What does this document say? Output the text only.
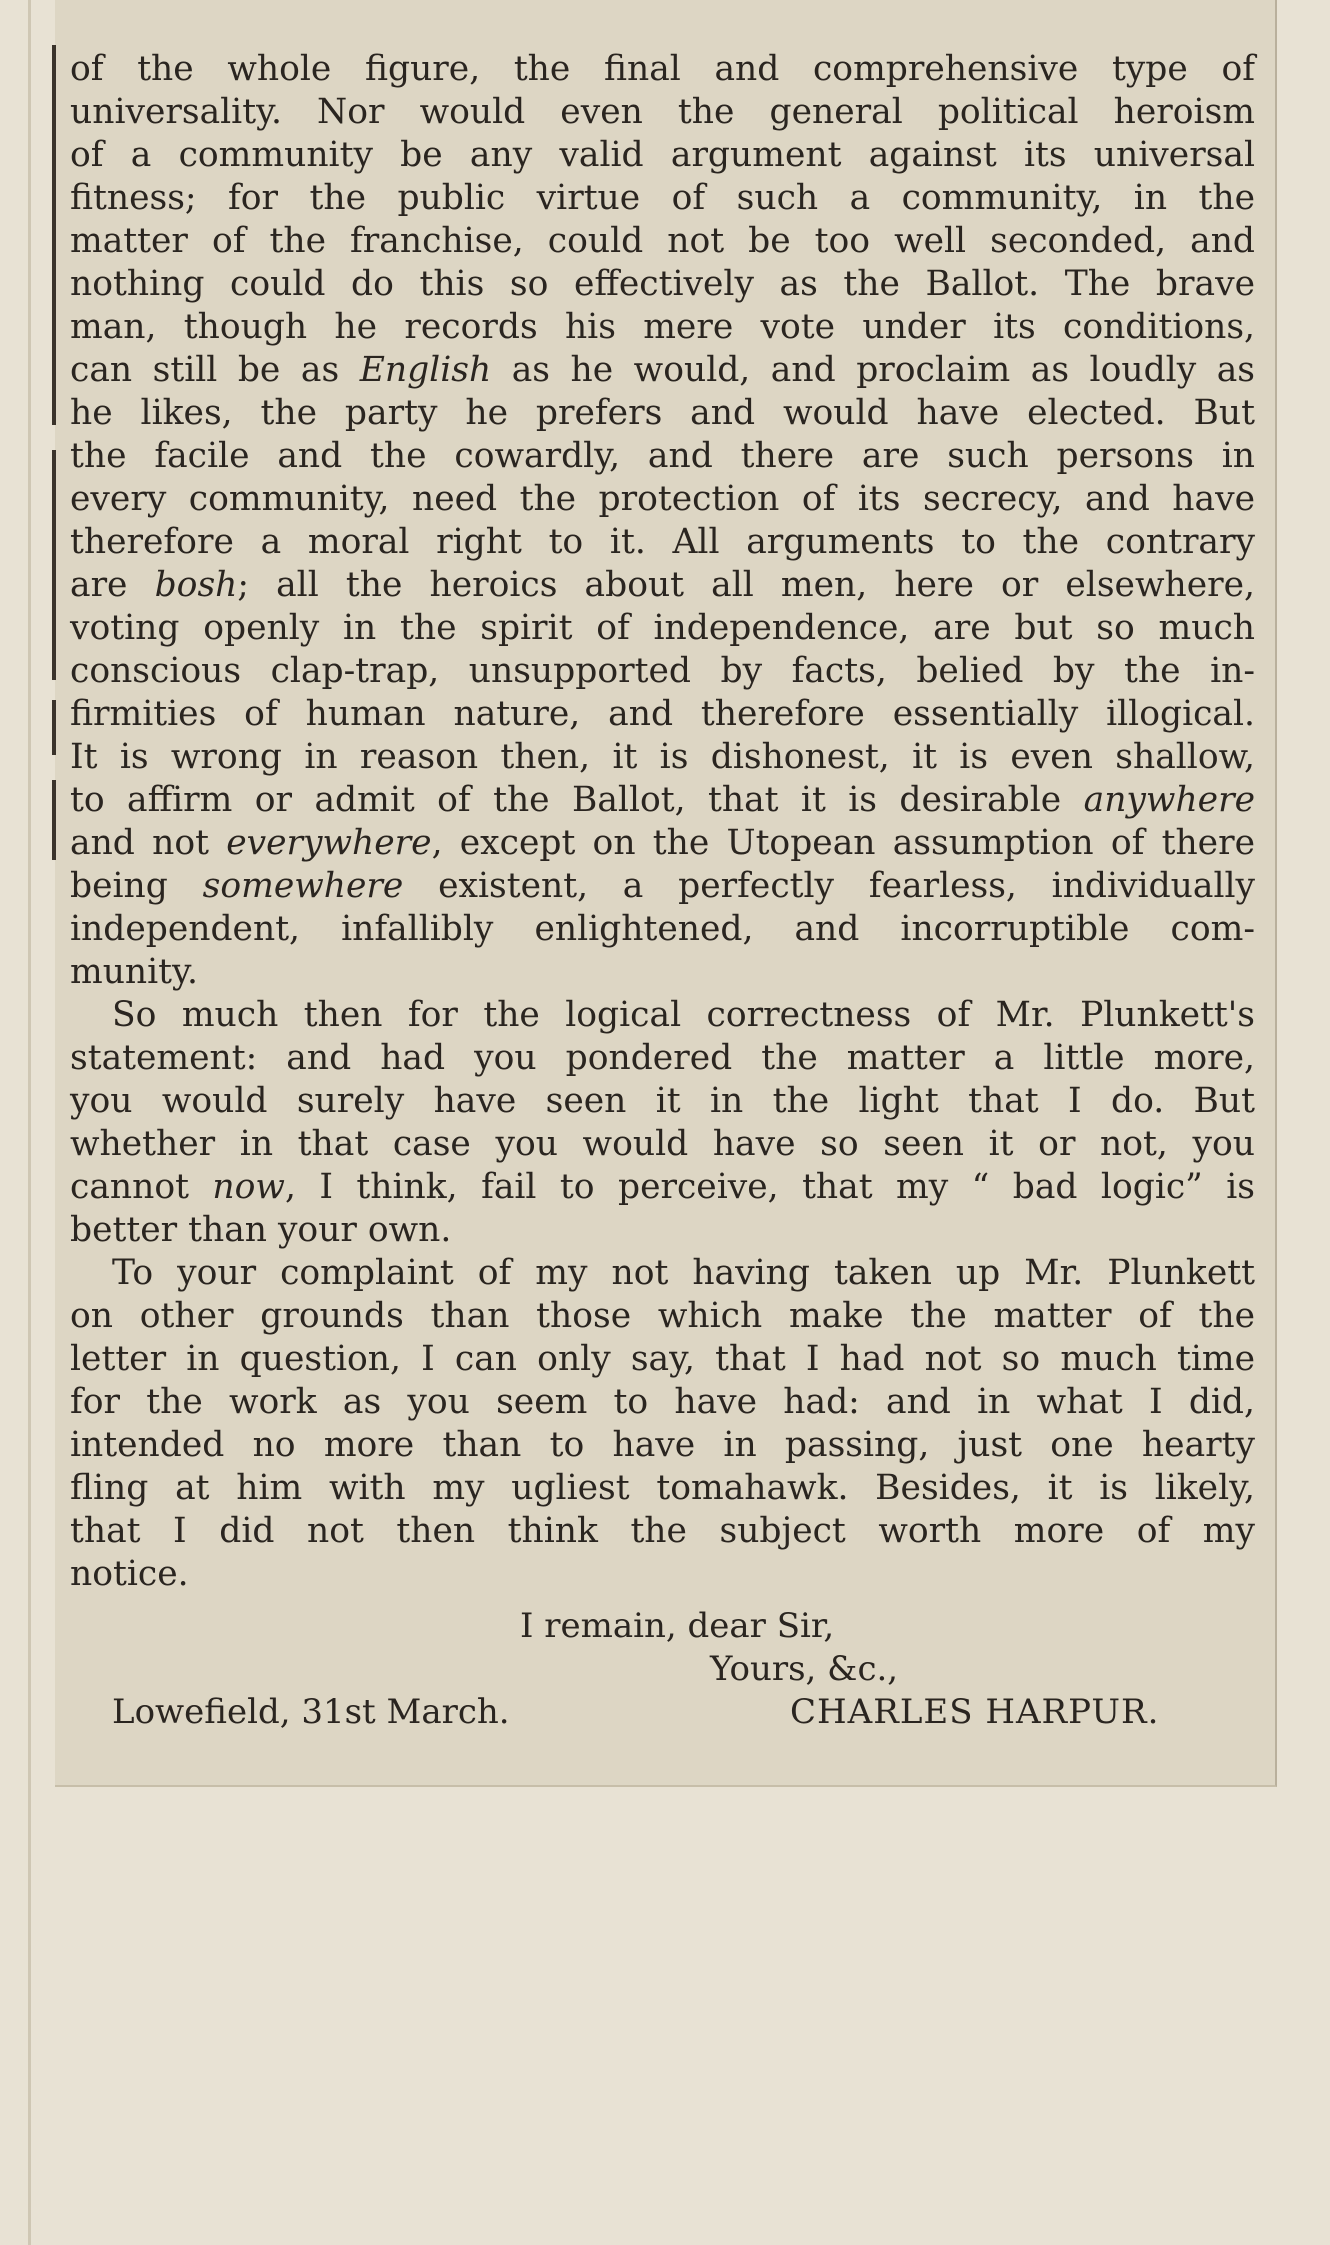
of the whole figure, the final and comprehensive type of
universality. Nor would even the general political heroism
of a community be any valid argument against its universal
fitness; for the public virtue of such a community, in the
matter of the franchise, could not be too well seconded, and
nothing could do this so effectively as the Ballot. The brave
man, though he records his mere vote under its conditions,
can still be as English as he would, and proclaim as loudly as
he likes, the party he prefers and would have elected. But
the facile and the cowardly, and there are such persons in
every community, need the protection of its secrecy, and have
therefore a moral right to it. All arguments to the contrary
are bosh; all the heroics about all men, here or elsewhere,
voting openly in the spirit of independence, are but so much
conscious clap-trap, unsupported by facts, belied by the in-
firmities of human nature, and therefore essentially illogical.
It is wrong in reason then, it is dishonest, it is even shallow,
to affirm or admit of the Ballot, that it is desirable anywhere
and not everywhere, except on the Utopean assumption of there
being somewhere existent, a perfectly fearless, individually
independent, infallibly enlightened, and incorruptible com-
munity.
So much then for the logical correctness of Mr. Plunkett's
statement: and had you pondered the matter a little more,
you would surely have seen it in the light that I do. But
whether in that case you would have so seen it or not, you
cannot now, I think, fail to perceive, that my “ bad logic” is
better than your own.
To your complaint of my not having taken up Mr. Plunkett
on other grounds than those which make the matter of the
letter in question, I can only say, that I had not so much time
for the work as you seem to have had: and in what I did,
intended no more than to have in passing, just one hearty
fling at him with my ugliest tomahawk. Besides, it is likely,
that I did not then think the subject worth more of my
notice.
I remain, dear Sir,
Yours, &c.,
Lowefield, 31st March.	CHARLES HARPUR.
